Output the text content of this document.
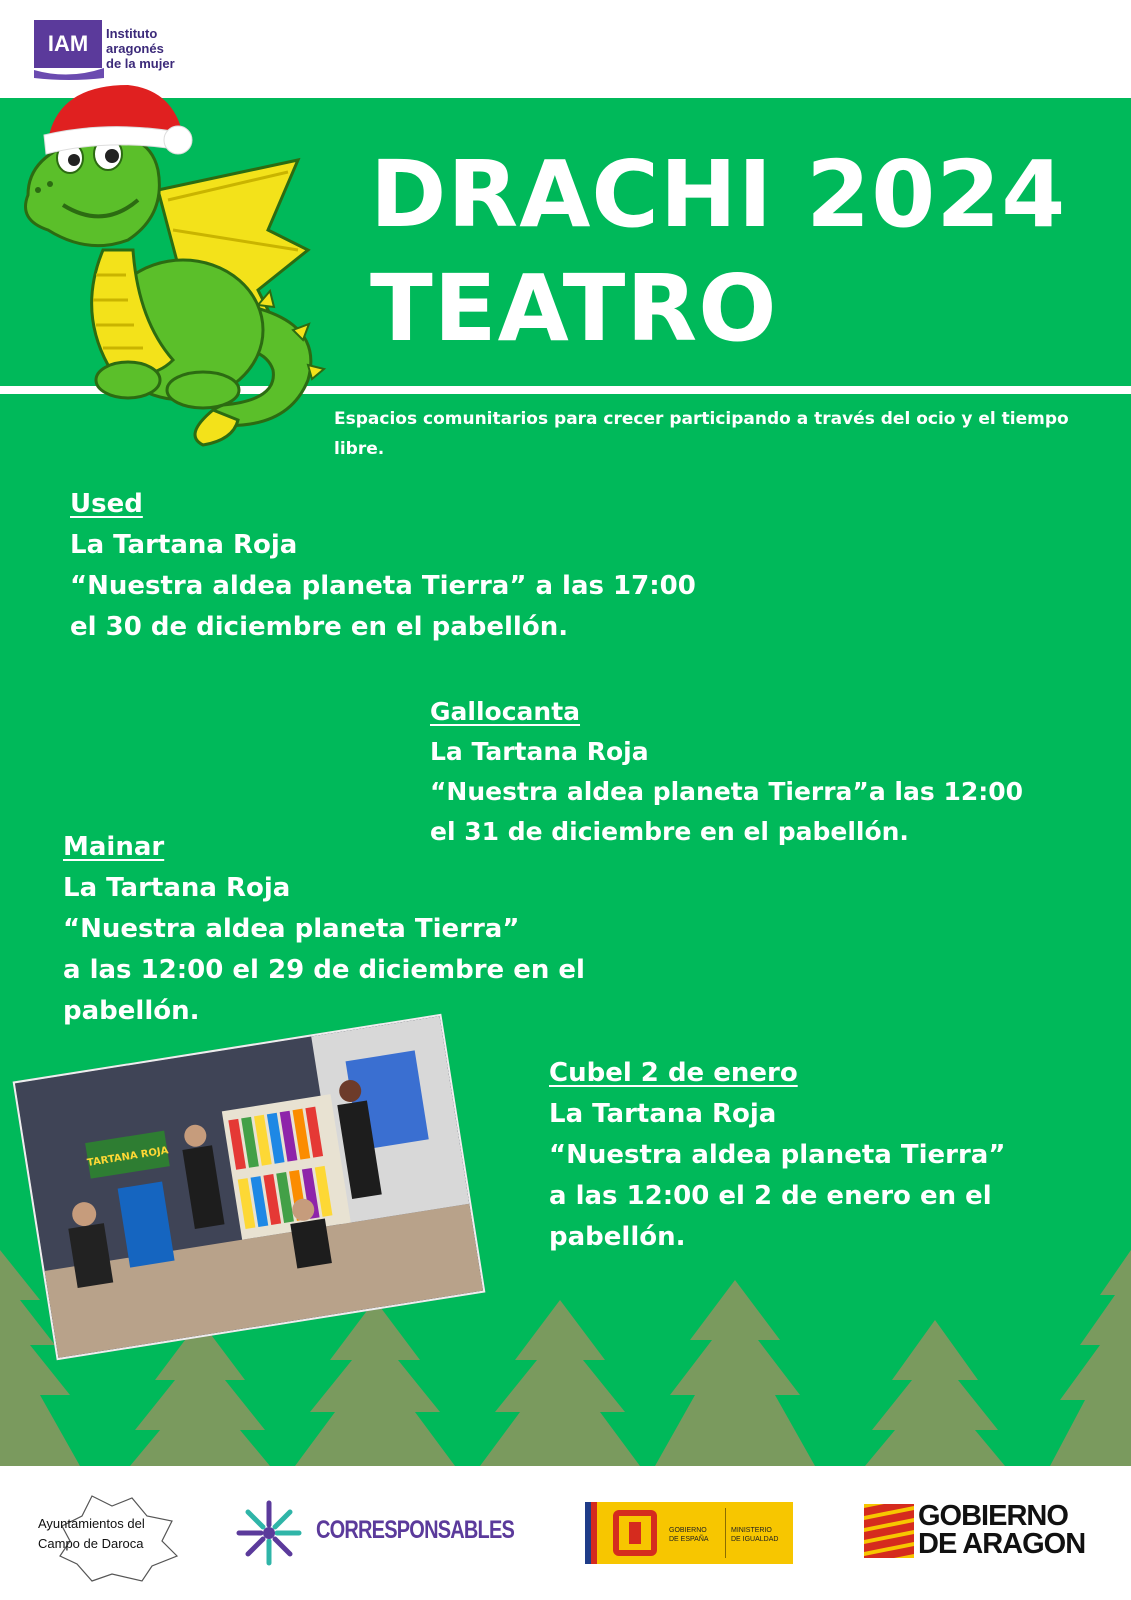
IAM	Instituto
aragonés
de la mujer
DRACHI 2024
TEATRO
Espacios comunitarios para crecer participando a través del ocio y el tiempo libre.
Used
La Tartana Roja
“Nuestra aldea planeta Tierra” a las 17:00
el 30 de diciembre en el pabellón.
Gallocanta
La Tartana Roja
“Nuestra aldea planeta Tierra”a las 12:00
el 31 de diciembre en el pabellón.
Mainar
La Tartana Roja
“Nuestra aldea planeta Tierra”
a las 12:00 el 29 de diciembre en el
pabellón.
TARTANA ROJA
Cubel 2 de enero
La Tartana Roja
“Nuestra aldea planeta Tierra”
a las 12:00 el 2 de enero en el
pabellón.
Ayuntamientos del
Campo de Daroca	CORRESPONSABLES	GOBIERNO
DE ESPAÑA
MINISTERIO
DE IGUALDAD
GOBIERNO
DE ARAGON
